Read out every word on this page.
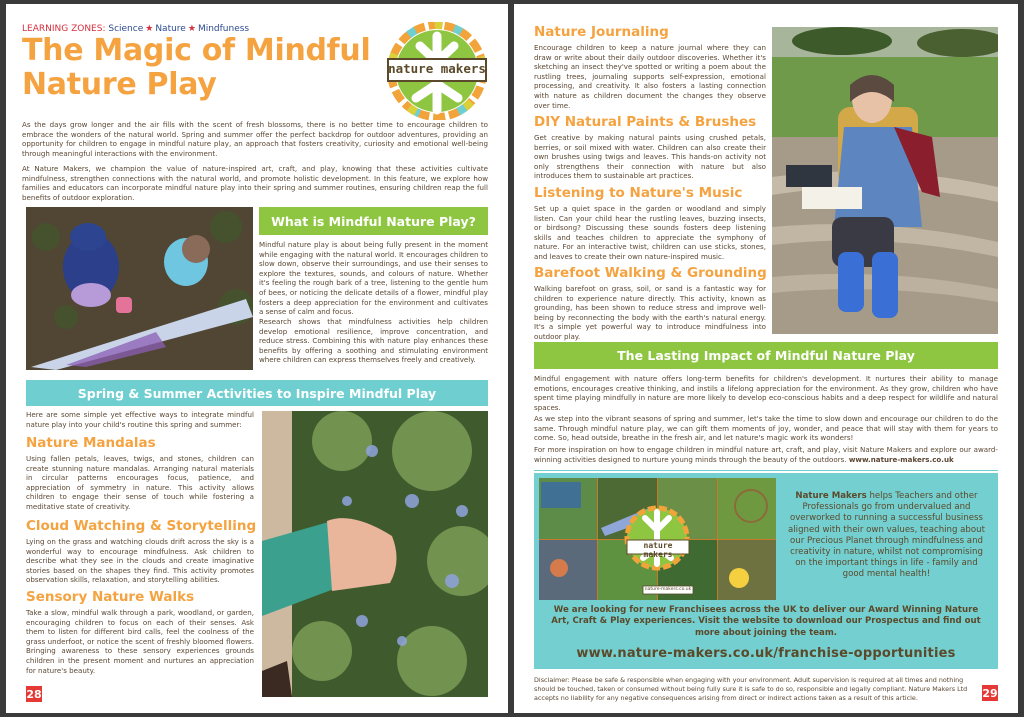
LEARNING ZONES: Science ★ Nature ★ Mindfuness
The Magic of Mindful
Nature Play	nature makers

As the days grow longer and the air fills with the scent of fresh blossoms, there is no better time to encourage children to embrace the wonders of the natural world. Spring and summer offer the perfect backdrop for outdoor adventures, providing an opportunity for children to engage in mindful nature play, an approach that fosters creativity, curiosity and emotional well-being through meaningful interactions with the environment.

At Nature Makers, we champion the value of nature-inspired art, craft, and play, knowing that these activities cultivate mindfulness, strengthen connections with the natural world, and promote holistic development. In this feature, we explore how families and educators can incorporate mindful nature play into their spring and summer routines, ensuring children reap the full benefits of outdoor exploration.

What is Mindful Nature Play?

Mindful nature play is about being fully present in the moment while engaging with the natural world. It encourages children to slow down, observe their surroundings, and use their senses to explore the textures, sounds, and colours of nature. Whether it's feeling the rough bark of a tree, listening to the gentle hum of bees, or noticing the delicate details of a flower, mindful play fosters a deep appreciation for the environment and cultivates a sense of calm and focus.

Research shows that mindfulness activities help children develop emotional resilience, improve concentration, and reduce stress. Combining this with nature play enhances these benefits by offering a soothing and stimulating environment where children can express themselves freely and creatively.

Spring & Summer Activities to Inspire Mindful Play

Here are some simple yet effective ways to integrate mindful nature play into your child's routine this spring and summer:

Nature Mandalas

Using fallen petals, leaves, twigs, and stones, children can create stunning nature mandalas. Arranging natural materials in circular patterns encourages focus, patience, and appreciation of symmetry in nature. This activity allows children to engage their sense of touch while fostering a meditative state of creativity.

Cloud Watching & Storytelling

Lying on the grass and watching clouds drift across the sky is a wonderful way to encourage mindfulness. Ask children to describe what they see in the clouds and create imaginative stories based on the shapes they find. This activity promotes observation skills, relaxation, and storytelling abilities.

Sensory Nature Walks

Take a slow, mindful walk through a park, woodland, or garden, encouraging children to focus on each of their senses. Ask them to listen for different bird calls, feel the coolness of the grass underfoot, or notice the scent of freshly bloomed flowers. Bringing awareness to these sensory experiences grounds children in the present moment and nurtures an appreciation for nature's beauty.

28
Nature Journaling

Encourage children to keep a nature journal where they can draw or write about their daily outdoor discoveries. Whether it's sketching an insect they've spotted or writing a poem about the rustling trees, journaling supports self-expression, emotional processing, and creativity. It also fosters a lasting connection with nature as children document the changes they observe over time.

DIY Natural Paints & Brushes

Get creative by making natural paints using crushed petals, berries, or soil mixed with water. Children can also create their own brushes using twigs and leaves. This hands-on activity not only strengthens their connection with nature but also introduces them to sustainable art practices.

Listening to Nature's Music

Set up a quiet space in the garden or woodland and simply listen. Can your child hear the rustling leaves, buzzing insects, or birdsong? Discussing these sounds fosters deep listening skills and teaches children to appreciate the symphony of nature. For an interactive twist, children can use sticks, stones, and leaves to create their own nature-inspired music.

Barefoot Walking & Grounding

Walking barefoot on grass, soil, or sand is a fantastic way for children to experience nature directly. This activity, known as grounding, has been shown to reduce stress and improve well-being by reconnecting the body with the earth's natural energy. It's a simple yet powerful way to introduce mindfulness into outdoor play.

The Lasting Impact of Mindful Nature Play

Mindful engagement with nature offers long-term benefits for children's development. It nurtures their ability to manage emotions, encourages creative thinking, and instils a lifelong appreciation for the environment. As they grow, children who have spent time playing mindfully in nature are more likely to develop eco-conscious habits and a deep respect for wildlife and natural spaces.

As we step into the vibrant seasons of spring and summer, let's take the time to slow down and encourage our children to do the same. Through mindful nature play, we can gift them moments of joy, wonder, and peace that will stay with them for years to come. So, head outside, breathe in the fresh air, and let nature's magic work its wonders!

For more inspiration on how to engage children in mindful nature art, craft, and play, visit Nature Makers and explore our award-winning activities designed to nurture young minds through the beauty of the outdoors. www.nature-makers.co.uk

nature makers
nature-makers.co.uk

Nature Makers helps Teachers and other Professionals go from undervalued and overworked to running a successful business aligned with their own values, teaching about our Precious Planet through mindfulness and creativity in nature, whilst not compromising on the important things in life - family and good mental health!

We are looking for new Franchisees across the UK to deliver our Award Winning Nature Art, Craft & Play experiences. Visit the website to download our Prospectus and find out more about joining the team.

www.nature-makers.co.uk/franchise-opportunities

Disclaimer: Please be safe & responsible when engaging with your environment. Adult supervision is required at all times and nothing should be touched, taken or consumed without being fully sure it is safe to do so, responsible and legally compliant. Nature Makers Ltd accepts no liability for any negative consequences arising from direct or indirect actions taken as a result of this article.	29
